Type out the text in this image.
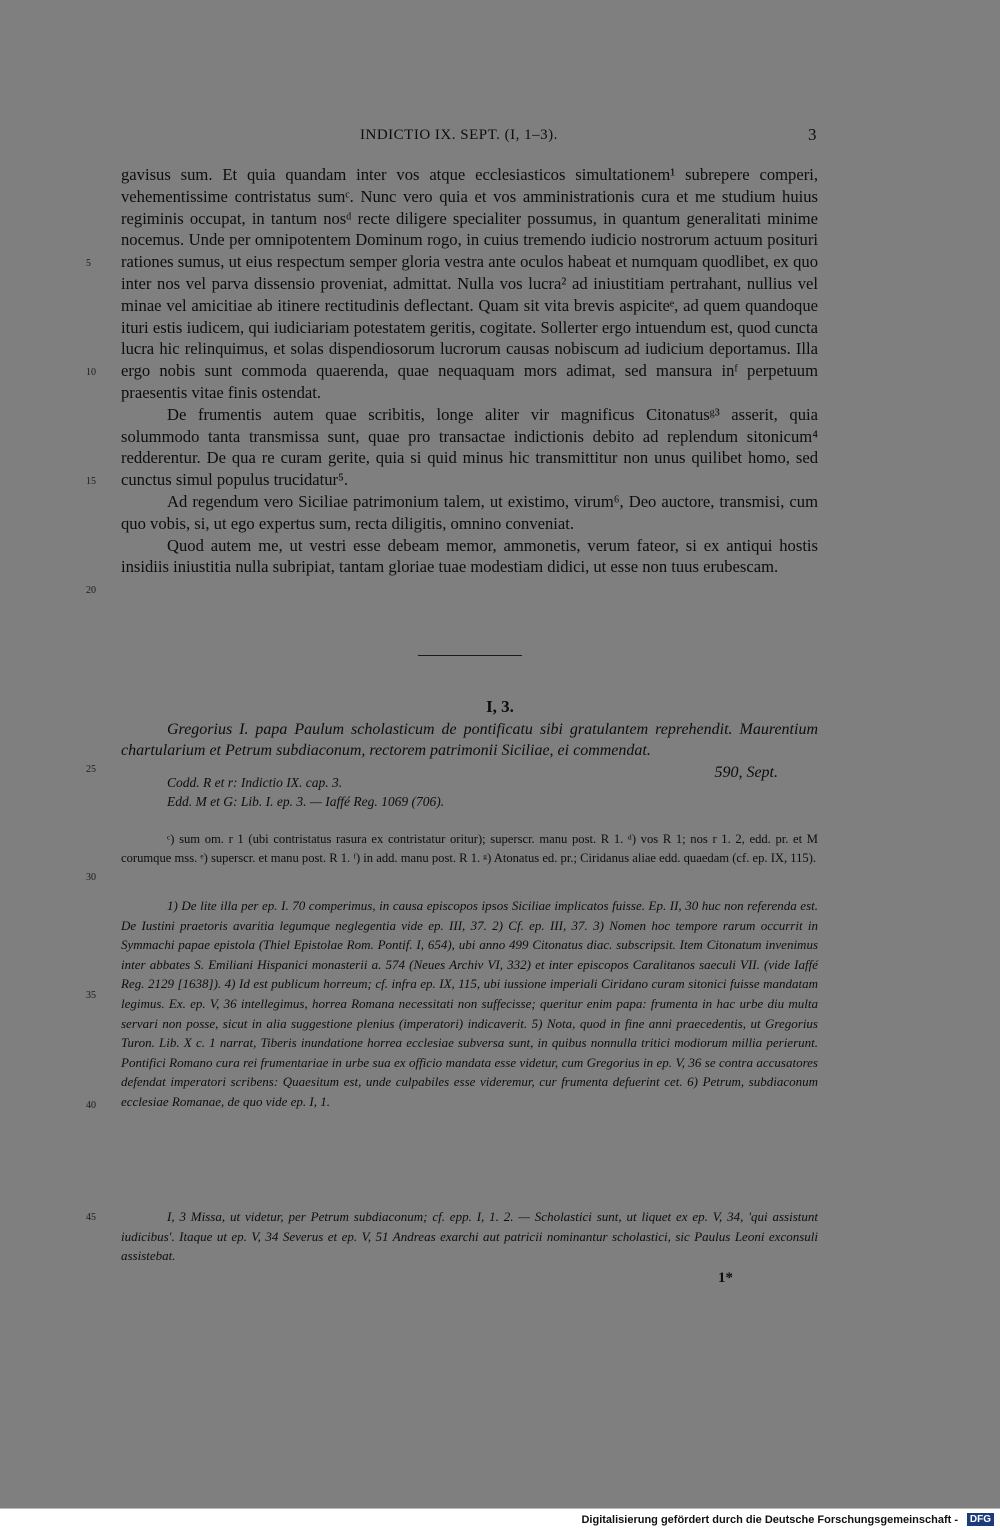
INDICTIO IX. SEPT. (I, 1–3).	3

gavisus sum. Et quia quandam inter vos atque ecclesiasticos simultationem¹ subrepere comperi, vehementissime contristatus sumᶜ. Nunc vero quia et vos amministrationis cura et me studium huius regiminis occupat, in tantum nosᵈ recte diligere specialiter possumus, in quantum generalitati minime nocemus. Unde per omnipotentem Dominum rogo, in cuius tremendo iudicio nostrorum actuum posituri rationes sumus, ut eius respectum semper gloria vestra ante oculos habeat et numquam quodlibet, ex quo inter nos vel parva dissensio proveniat, admittat. Nulla vos lucra² ad iniustitiam pertrahant, nullius vel minae vel amicitiae ab itinere rectitudinis deflectant. Quam sit vita brevis aspiciteᵉ, ad quem quandoque ituri estis iudicem, qui iudiciariam potestatem geritis, cogitate. Sollerter ergo intuendum est, quod cuncta lucra hic relinquimus, et solas dispendiosorum lucrorum causas nobiscum ad iudicium deportamus. Illa ergo nobis sunt commoda quaerenda, quae nequaquam mors adimat, sed mansura inᶠ perpetuum praesentis vitae finis ostendat.

De frumentis autem quae scribitis, longe aliter vir magnificus Citonatusᵍ³ asserit, quia solummodo tanta transmissa sunt, quae pro transactae indictionis debito ad replendum sitonicum⁴ redderentur. De qua re curam gerite, quia si quid minus hic transmittitur non unus quilibet homo, sed cunctus simul populus trucidatur⁵.

Ad regendum vero Siciliae patrimonium talem, ut existimo, virum⁶, Deo auctore, transmisi, cum quo vobis, si, ut ego expertus sum, recta diligitis, omnino conveniat.

Quod autem me, ut vestri esse debeam memor, ammonetis, verum fateor, si ex antiqui hostis insidiis iniustitia nulla subripiat, tantam gloriae tuae modestiam didici, ut esse non tuus erubescam.

5
10
15
20
25
30
35
40
45
I, 3.

Gregorius I. papa Paulum scholasticum de pontificatu sibi gratulantem reprehendit. Maurentium chartularium et Petrum subdiaconum, rectorem patrimonii Siciliae, ei commendat.

Codd. R et r: Indictio IX. cap. 3.
Edd. M et G: Lib. I. ep. 3. — Iaffé Reg. 1069 (706).
590, Sept.

ᶜ) sum om. r 1 (ubi contristatus rasura ex contristatur oritur); superscr. manu post. R 1. ᵈ) vos R 1; nos r 1. 2, edd. pr. et M corumque mss. ᵉ) superscr. et manu post. R 1. ᶠ) in add. manu post. R 1. ᵍ) Atonatus ed. pr.; Ciridanus aliae edd. quaedam (cf. ep. IX, 115).

1) De lite illa per ep. I. 70 comperimus, in causa episcopos ipsos Siciliae implicatos fuisse. Ep. II, 30 huc non referenda est. De Iustini praetoris avaritia legumque neglegentia vide ep. III, 37. 2) Cf. ep. III, 37. 3) Nomen hoc tempore rarum occurrit in Symmachi papae epistola (Thiel Epistolae Rom. Pontif. I, 654), ubi anno 499 Citonatus diac. subscripsit. Item Citonatum invenimus inter abbates S. Emiliani Hispanici monasterii a. 574 (Neues Archiv VI, 332) et inter episcopos Caralitanos saeculi VII. (vide Iaffé Reg. 2129 [1638]). 4) Id est publicum horreum; cf. infra ep. IX, 115, ubi iussione imperiali Ciridano curam sitonici fuisse mandatam legimus. Ex. ep. V, 36 intellegimus, horrea Romana necessitati non suffecisse; queritur enim papa: frumenta in hac urbe diu multa servari non posse, sicut in alia suggestione plenius (imperatori) indicaverit. 5) Nota, quod in fine anni praecedentis, ut Gregorius Turon. Lib. X c. 1 narrat, Tiberis inundatione horrea ecclesiae subversa sunt, in quibus nonnulla tritici modiorum millia perierunt. Pontifici Romano cura rei frumentariae in urbe sua ex officio mandata esse videtur, cum Gregorius in ep. V, 36 se contra accusatores defendat imperatori scribens: Quaesitum est, unde culpabiles esse videremur, cur frumenta defuerint cet. 6) Petrum, subdiaconum ecclesiae Romanae, de quo vide ep. I, 1.

I, 3 Missa, ut videtur, per Petrum subdiaconum; cf. epp. I, 1. 2. — Scholastici sunt, ut liquet ex ep. V, 34, 'qui assistunt iudicibus'. Itaque ut ep. V, 34 Severus et ep. V, 51 Andreas exarchi aut patricii nominantur scholastici, sic Paulus Leoni exconsuli assistebat.

1*
Digitalisierung gefördert durch die Deutsche Forschungsgemeinschaft -	DFG
